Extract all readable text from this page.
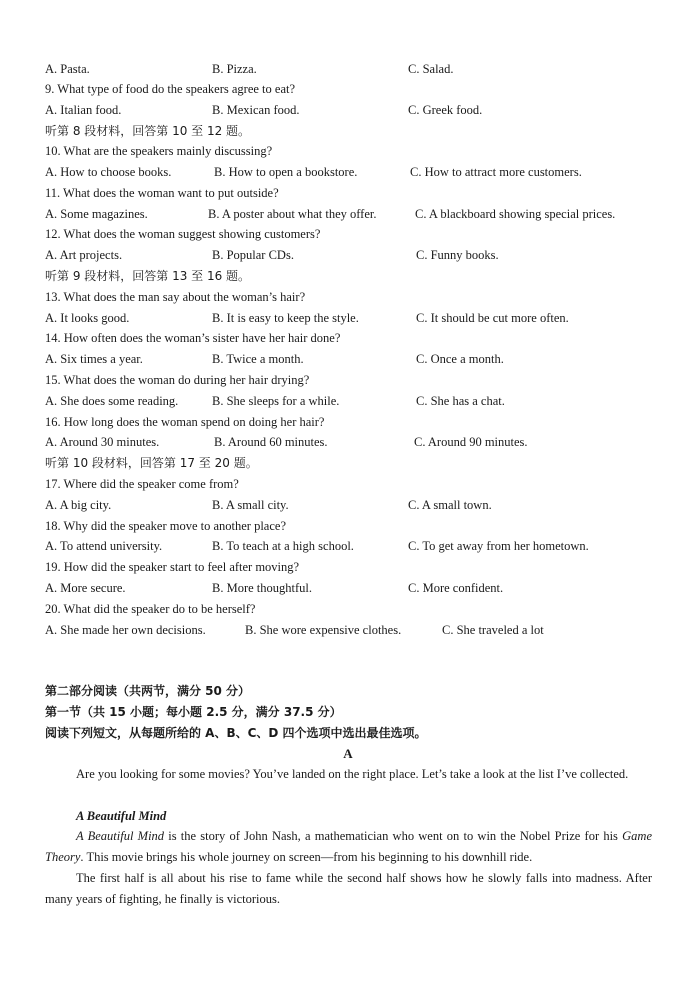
A. Pasta.	B. Pizza.	C. Salad.
9. What type of food do the speakers agree to eat?
A. Italian food.	B. Mexican food.	C. Greek food.
听第 8 段材料，回答第 10 至 12 题。
10. What are the speakers mainly discussing?
A. How to choose books.	B. How to open a bookstore.	C. How to attract more customers.
11. What does the woman want to put outside?
A. Some magazines.	B. A poster about what they offer.	C. A blackboard showing special prices.
12. What does the woman suggest showing customers?
A. Art projects.	B. Popular CDs.	C. Funny books.
听第 9 段材料，回答第 13 至 16 题。
13. What does the man say about the woman’s hair?
A. It looks good.	B. It is easy to keep the style.	C. It should be cut more often.
14. How often does the woman’s sister have her hair done?
A. Six times a year.	B. Twice a month.	C. Once a month.
15. What does the woman do during her hair drying?
A. She does some reading.	B. She sleeps for a while.	C. She has a chat.
16. How long does the woman spend on doing her hair?
A. Around 30 minutes.	B. Around 60 minutes.	C. Around 90 minutes.
听第 10 段材料，回答第 17 至 20 题。
17. Where did the speaker come from?
A. A big city.	B. A small city.	C. A small town.
18. Why did the speaker move to another place?
A. To attend university.	B. To teach at a high school.	C. To get away from her hometown.
19. How did the speaker start to feel after moving?
A. More secure.	B. More thoughtful.	C. More confident.
20. What did the speaker do to be herself?
A. She made her own decisions.	B. She wore expensive clothes.	C. She traveled a lot
第二部分阅读（共两节，满分 50 分）
第一节（共 15 小题；每小题 2.5 分，满分 37.5 分）
阅读下列短文，从每题所给的 A、B、C、D 四个选项中选出最佳选项。
A
Are you looking for some movies? You’ve landed on the right place. Let’s take a look at the list I’ve collected.
A Beautiful Mind
A Beautiful Mind is the story of John Nash, a mathematician who went on to win the Nobel Prize for his Game Theory. This movie brings his whole journey on screen—from his beginning to his downhill ride.
The first half is all about his rise to fame while the second half shows how he slowly falls into madness. After many years of fighting, he finally is victorious.
